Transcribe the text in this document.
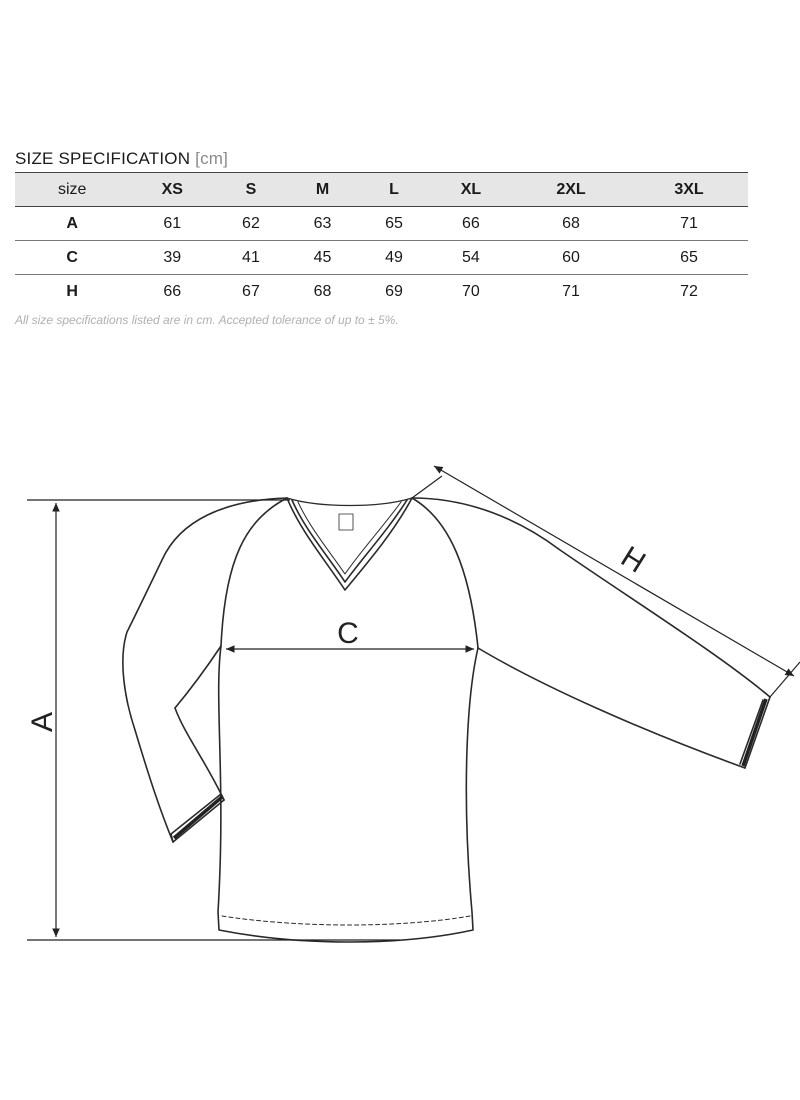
SIZE SPECIFICATION [cm]
size	XS	S	M	L	XL	2XL	3XL
A	61	62	63	65	66	68	71
C	39	41	45	49	54	60	65
H	66	67	68	69	70	71	72
All size specifications listed are in cm. Accepted tolerance of up to ± 5%.
A
C
H
